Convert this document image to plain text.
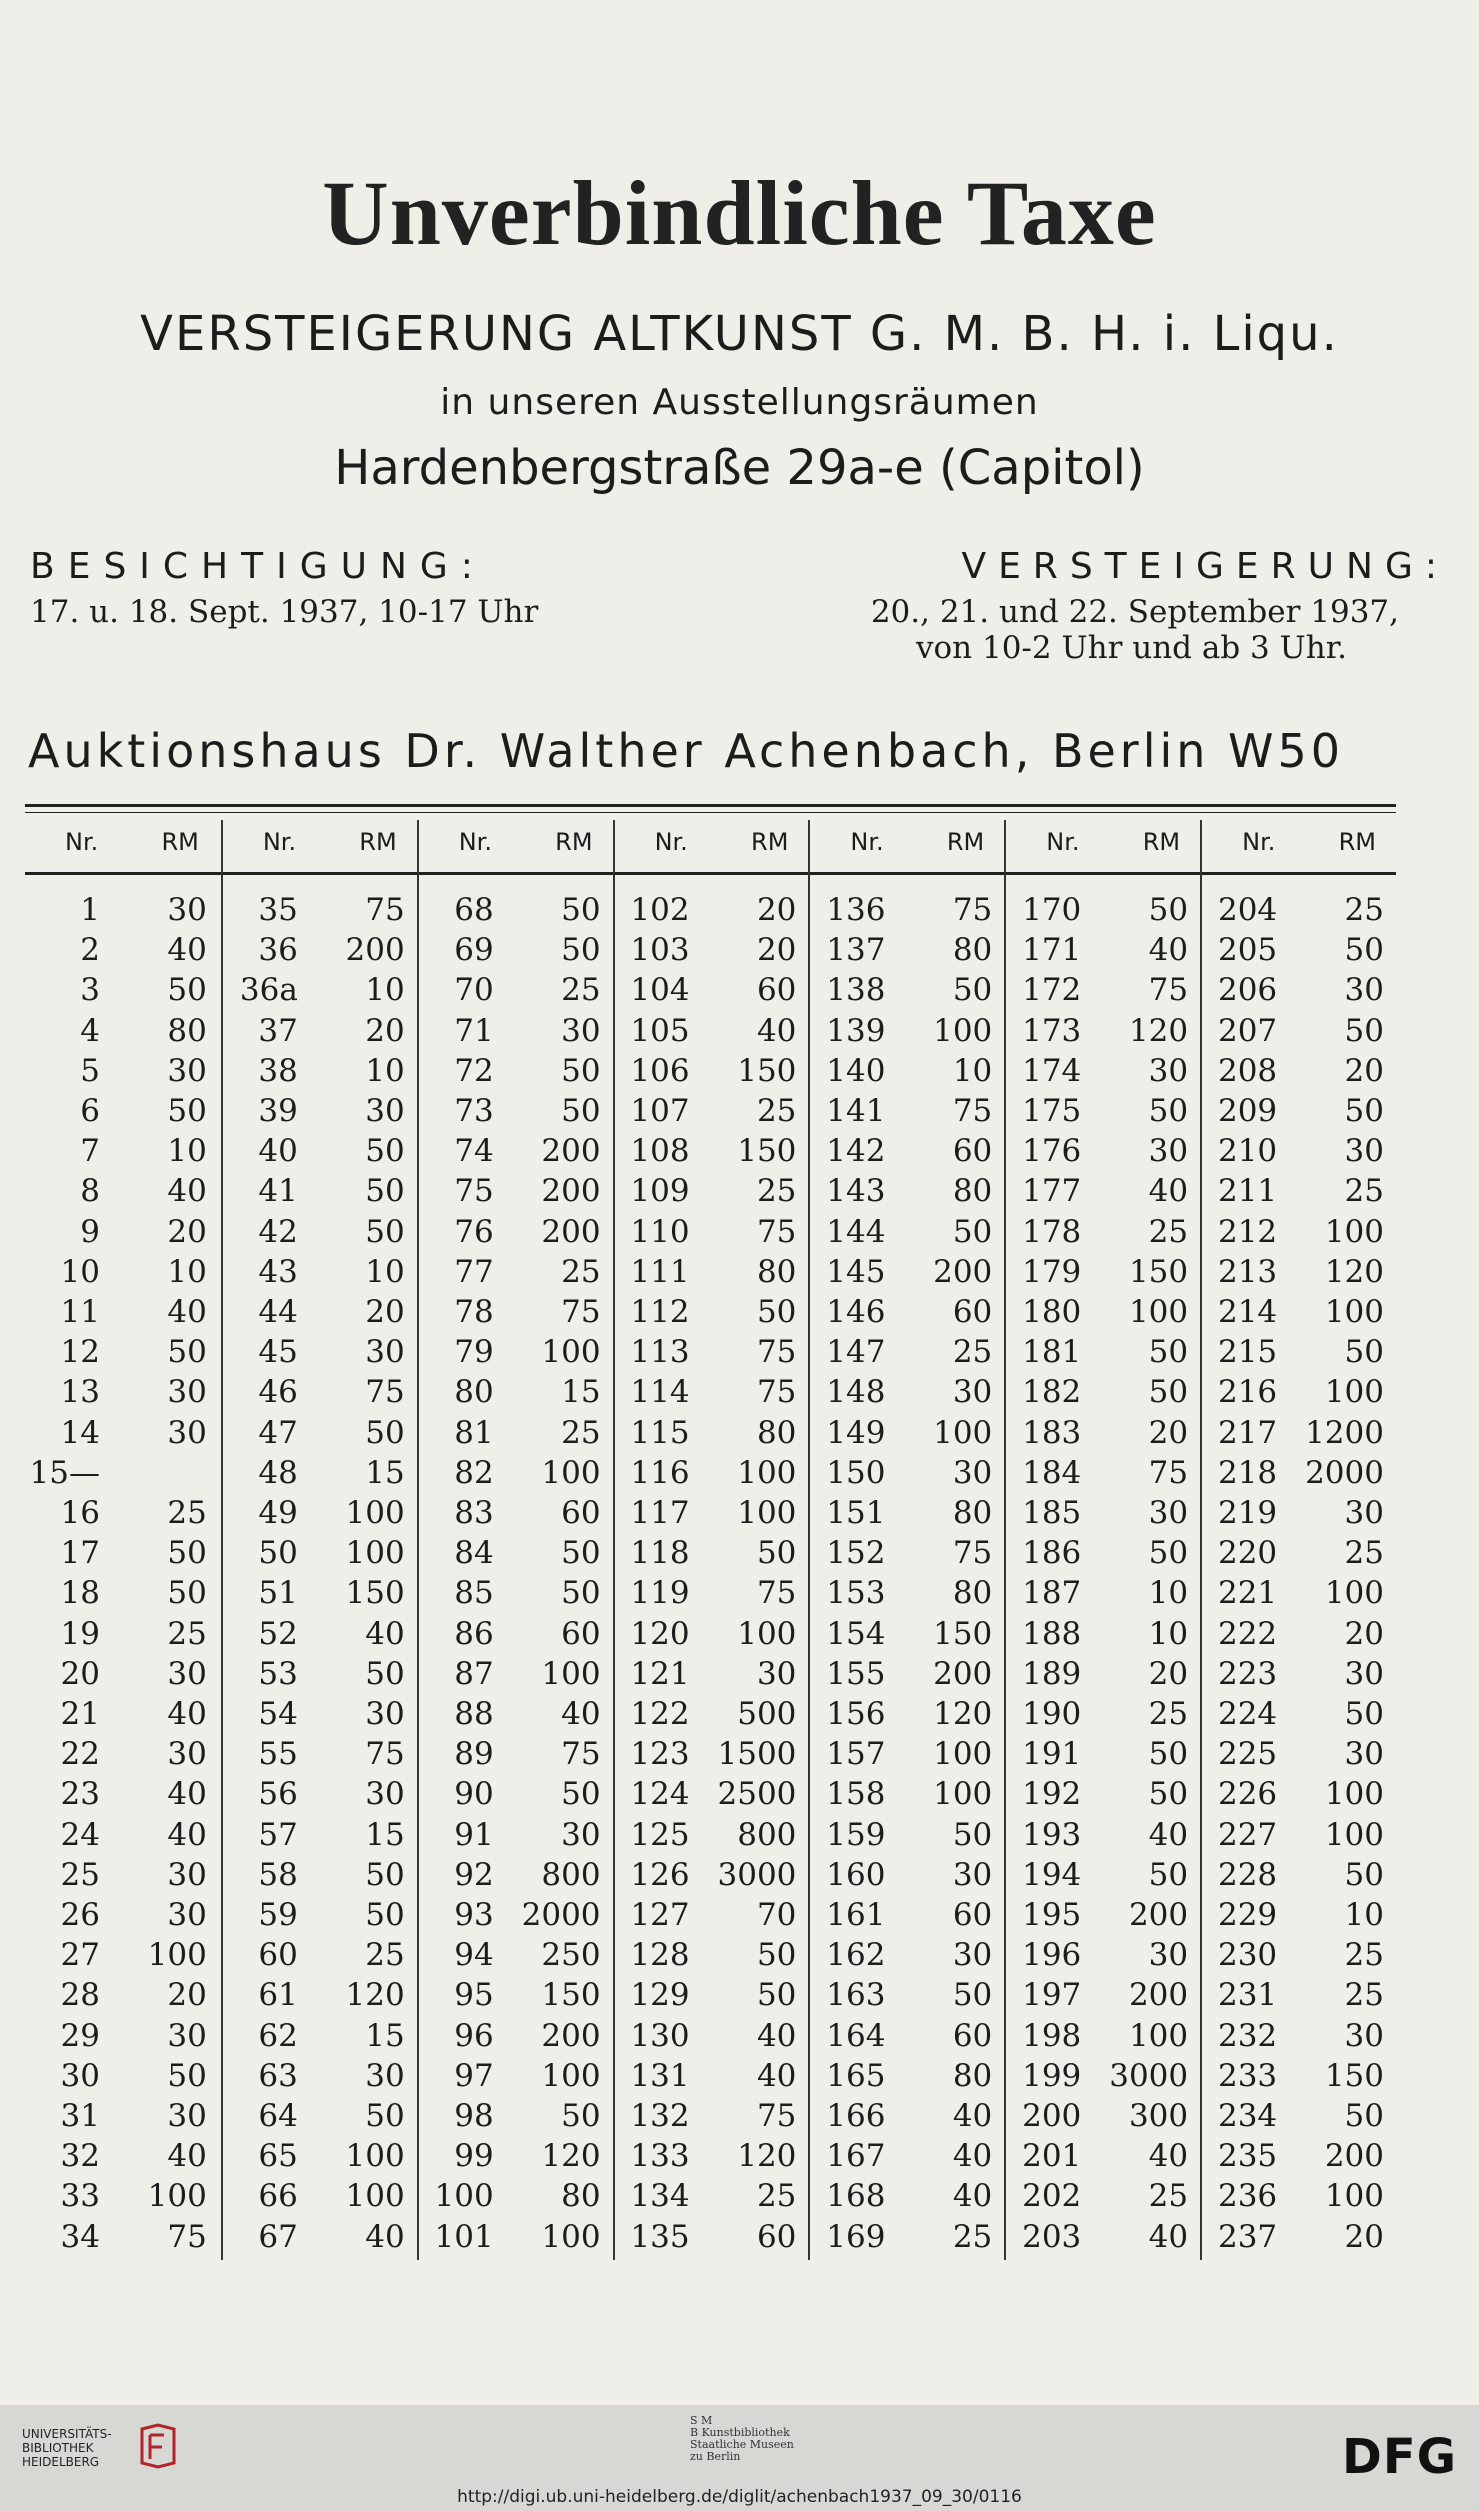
Unverbindliche Taxe
VERSTEIGERUNG ALTKUNST G. M. B. H. i. Liqu.
in unseren Ausstellungsräumen
Hardenbergstraße 29a-e (Capitol)
BESICHTIGUNG:	VERSTEIGERUNG:
17. u. 18. Sept. 1937, 10-17 Uhr	20., 21. und 22. September 1937,
von 10-2 Uhr und ab 3 Uhr.
Auktionshaus Dr. Walther Achenbach, Berlin W50
Nr.	RM
1 30
2 40
3 50
4 80
5 30
6 50
7 10
8 40
9 20
10 10
11 40
12 50
13 30
14 30
15—
16 25
17 50
18 50
19 25
20 30
21 40
22 30
23 40
24 40
25 30
26 30
27 100
28 20
29 30
30 50
31 30
32 40
33 100
34 75
Nr.	RM
35 75
36 200
36a 10
37 20
38 10
39 30
40 50
41 50
42 50
43 10
44 20
45 30
46 75
47 50
48 15
49 100
50 100
51 150
52 40
53 50
54 30
55 75
56 30
57 15
58 50
59 50
60 25
61 120
62 15
63 30
64 50
65 100
66 100
67 40
Nr.	RM
68 50
69 50
70 25
71 30
72 50
73 50
74 200
75 200
76 200
77 25
78 75
79 100
80 15
81 25
82 100
83 60
84 50
85 50
86 60
87 100
88 40
89 75
90 50
91 30
92 800
93 2000
94 250
95 150
96 200
97 100
98 50
99 120
100 80
101 100
Nr.	RM
102 20
103 20
104 60
105 40
106 150
107 25
108 150
109 25
110 75
111 80
112 50
113 75
114 75
115 80
116 100
117 100
118 50
119 75
120 100
121 30
122 500
123 1500
124 2500
125 800
126 3000
127 70
128 50
129 50
130 40
131 40
132 75
133 120
134 25
135 60
Nr.	RM
136 75
137 80
138 50
139 100
140 10
141 75
142 60
143 80
144 50
145 200
146 60
147 25
148 30
149 100
150 30
151 80
152 75
153 80
154 150
155 200
156 120
157 100
158 100
159 50
160 30
161 60
162 30
163 50
164 60
165 80
166 40
167 40
168 40
169 25
Nr.	RM
170 50
171 40
172 75
173 120
174 30
175 50
176 30
177 40
178 25
179 150
180 100
181 50
182 50
183 20
184 75
185 30
186 50
187 10
188 10
189 20
190 25
191 50
192 50
193 40
194 50
195 200
196 30
197 200
198 100
199 3000
200 300
201 40
202 25
203 40
Nr.	RM
204 25
205 50
206 30
207 50
208 20
209 50
210 30
211 25
212 100
213 120
214 100
215 50
216 100
217 1200
218 2000
219 30
220 25
221 100
222 20
223 30
224 50
225 30
226 100
227 100
228 50
229 10
230 25
231 25
232 30
233 150
234 50
235 200
236 100
237 20
UNIVERSITÄTS-
BIBLIOTHEK
HEIDELBERG
S M
B Kunstbibliothek
Staatliche Museen
zu Berlin	DFG
http://digi.ub.uni-heidelberg.de/diglit/achenbach1937_09_30/0116
